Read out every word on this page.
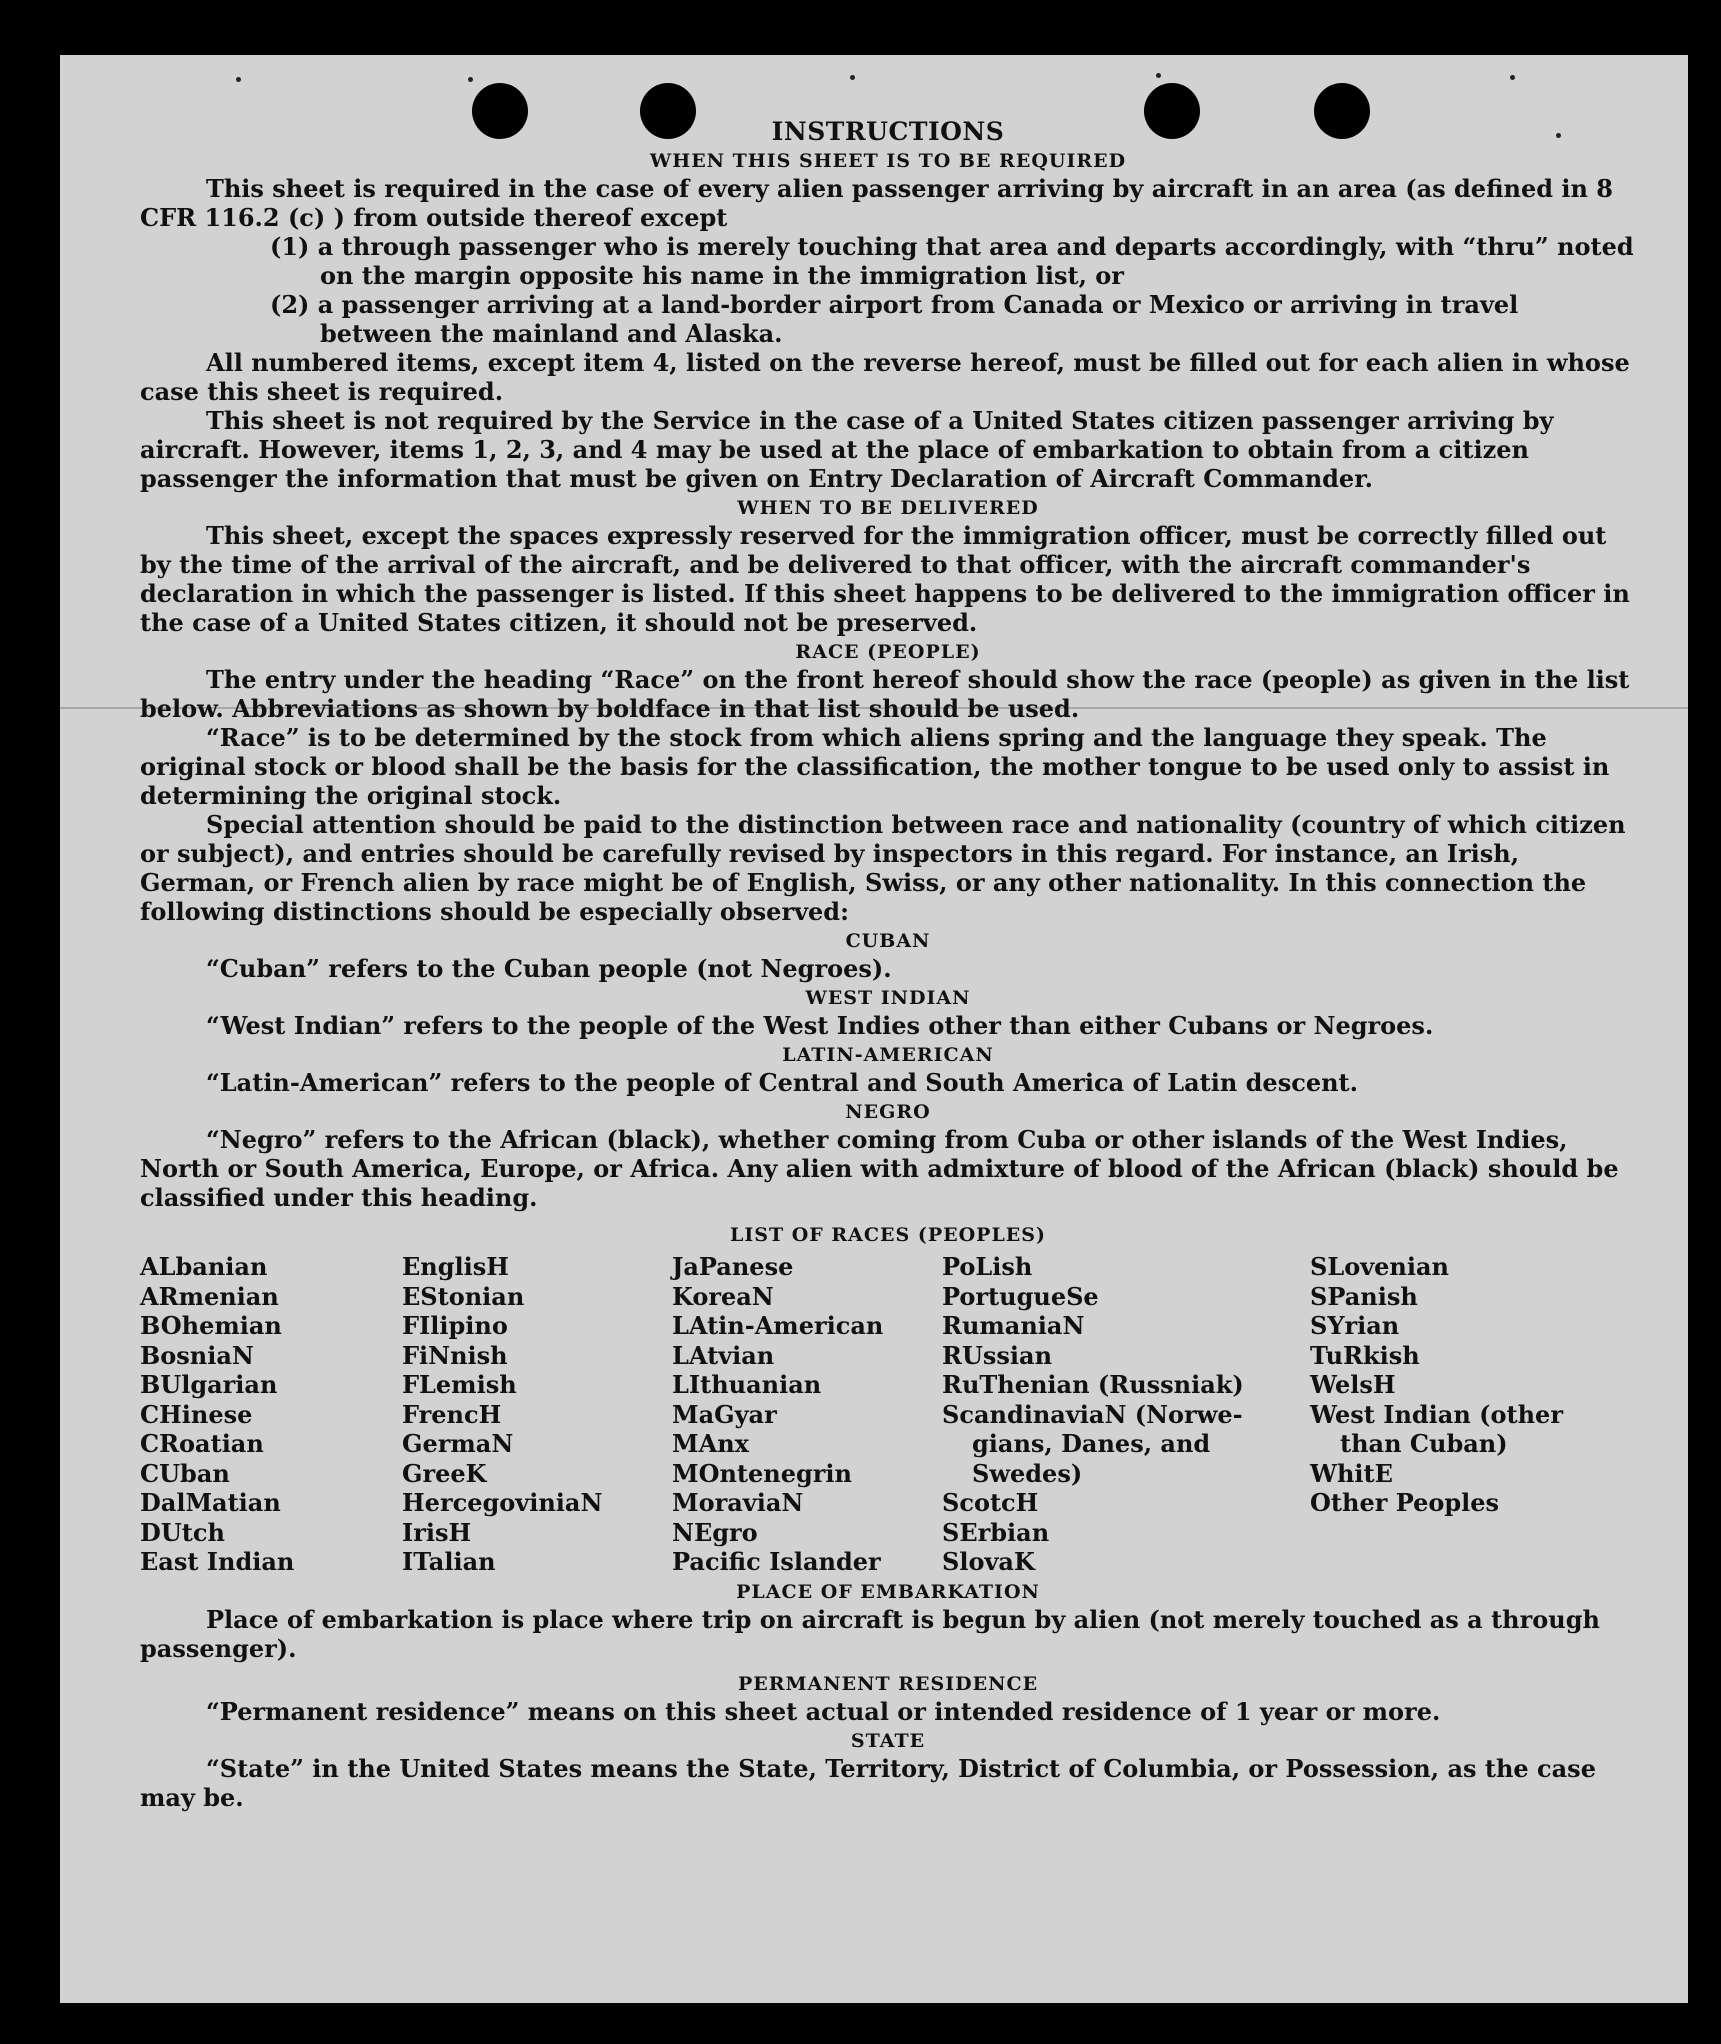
INSTRUCTIONS
WHEN THIS SHEET IS TO BE REQUIRED

This sheet is required in the case of every alien passenger arriving by aircraft in an area (as defined in 8 CFR 116.2 (c) ) from outside thereof except

(1) a through passenger who is merely touching that area and departs accordingly, with “thru” noted on the margin opposite his name in the immigration list, or

(2) a passenger arriving at a land-border airport from Canada or Mexico or arriving in travel between the mainland and Alaska.

All numbered items, except item 4, listed on the reverse hereof, must be filled out for each alien in whose case this sheet is required.

This sheet is not required by the Service in the case of a United States citizen passenger arriving by aircraft. However, items 1, 2, 3, and 4 may be used at the place of embarkation to obtain from a citizen passenger the information that must be given on Entry Declaration of Aircraft Commander.

WHEN TO BE DELIVERED

This sheet, except the spaces expressly reserved for the immigration officer, must be correctly filled out by the time of the arrival of the aircraft, and be delivered to that officer, with the aircraft commander's declaration in which the passenger is listed. If this sheet happens to be delivered to the immigration officer in the case of a United States citizen, it should not be preserved.

RACE (PEOPLE)

The entry under the heading “Race” on the front hereof should show the race (people) as given in the list below. Abbreviations as shown by boldface in that list should be used.

“Race” is to be determined by the stock from which aliens spring and the language they speak. The original stock or blood shall be the basis for the classification, the mother tongue to be used only to assist in determining the original stock.

Special attention should be paid to the distinction between race and nationality (country of which citizen or subject), and entries should be carefully revised by inspectors in this regard. For instance, an Irish, German, or French alien by race might be of English, Swiss, or any other nationality. In this connection the following distinctions should be especially observed:

CUBAN

“Cuban” refers to the Cuban people (not Negroes).

WEST INDIAN

“West Indian” refers to the people of the West Indies other than either Cubans or Negroes.

LATIN-AMERICAN

“Latin-American” refers to the people of Central and South America of Latin descent.

NEGRO

“Negro” refers to the African (black), whether coming from Cuba or other islands of the West Indies, North or South America, Europe, or Africa. Any alien with admixture of blood of the African (black) should be classified under this heading.

LIST OF RACES (PEOPLES)
ALbanian
ARmenian
BOhemian
BosniaN
BUlgarian
CHinese
CRoatian
CUban
DalMatian
DUtch
East Indian
EnglisH
EStonian
FIlipino
FiNnish
FLemish
FrencH
GermaN
GreeK
HercegovinіaN
IrisH
ITalian
JaPanese
KoreaN
LAtin-American
LAtvian
LIthuanian
MaGyar
MAnx
MOntenegrin
MoraviaN
NEgro
Pacific Islander
PoLish
PortugueSe
RumaniaN
RUssian
RuThenian (Russniak)
ScandinaviaN (Norwe-
gians, Danes, and
Swedes)
ScotcH
SErbian
SlovaK
SLovenian
SPanish
SYrian
TuRkish
WelsH
West Indian (other
than Cuban)
WhitE
Other Peoples
PLACE OF EMBARKATION

Place of embarkation is place where trip on aircraft is begun by alien (not merely touched as a through passenger).

PERMANENT RESIDENCE

“Permanent residence” means on this sheet actual or intended residence of 1 year or more.

STATE

“State” in the United States means the State, Territory, District of Columbia, or Possession, as the case may be.
